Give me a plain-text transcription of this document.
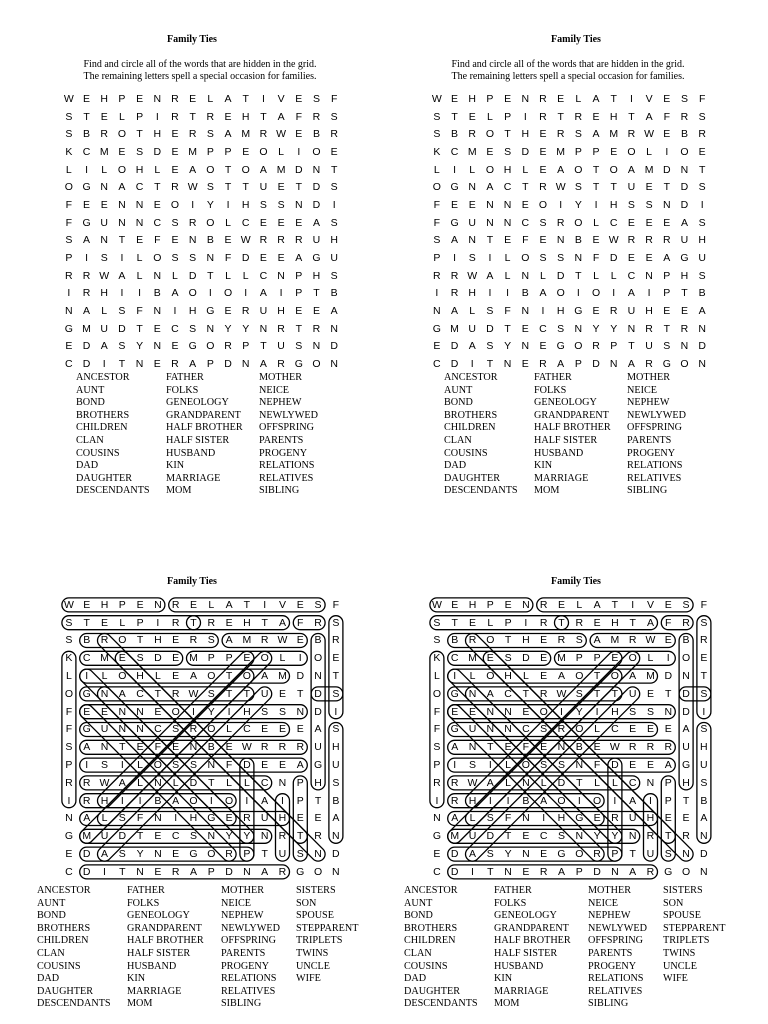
Family Ties
Find and circle all of the words that are hidden in the grid.
The remaining letters spell a special occasion for families.
W E H P	E N R E	L	A	T	I	V	E	S	F
S	T	E	L	P	I	R	T	R E H	T	A	F	R S
S	B R O T	H E R S	A M R W E	B R
K C M E	S D E M P	P	E O	L	I	O E
L	I	L	O H	L	E	A O T O A M D N	T
O G N A C	T	R W S	T	T	U E	T	D S
F	E	E N N E O	I	Y	I	H S	S N D	I
F G U N N C S R O	L	C E	E	E	A	S
S	A N	T	E	F	E N B	E W R R R U H
P	I	S	I	L	O S	S N	F	D E	E	A G U
R R W A	L	N	L	D	T	L	L	C N P H S
I	R H	I	I	B	A O	I	O	I	A	I	P	T	B
N A	L	S	F	N	I	H G E R U H E	E	A
G M U D	T	E C S N Y	Y N R	T	R N
E D A	S	Y N E G O R P	T	U S N D
C D	I	T	N E R A	P D N A R G O N
ANCESTOR
AUNT
BOND
BROTHERS
CHILDREN
CLAN
COUSINS
DAD
DAUGHTER
DESCENDANTS
FATHER
FOLKS
GENEOLOGY
GRANDPARENT
HALF BROTHER
HALF SISTER
HUSBAND
KIN
MARRIAGE
MOM
MOTHER
NEICE
NEPHEW
NEWLYWED
OFFSPRING
PARENTS
PROGENY
RELATIONS
RELATIVES
SIBLING
Family Ties
Find and circle all of the words that are hidden in the grid.
The remaining letters spell a special occasion for families.
W E H P	E N R E	L	A	T	I	V	E	S	F
S	T	E	L	P	I	R	T	R E H	T	A	F	R S
S	B R O T	H E R S	A M R W E	B R
K C M E	S D E M P	P	E O	L	I	O E
L	I	L	O H	L	E	A O T O A M D N	T
O G N A C	T	R W S	T	T	U E	T	D S
F	E	E N N E O	I	Y	I	H S	S N D	I
F G U N N C S R O	L	C E	E	E	A	S
S	A N	T	E	F	E N B	E W R R R U H
P	I	S	I	L	O S	S N	F	D E	E	A G U
R R W A	L	N	L	D	T	L	L	C N P H S
I	R H	I	I	B	A O	I	O	I	A	I	P	T	B
N A	L	S	F	N	I	H G E R U H E	E	A
G M U D	T	E C S N Y	Y N R	T	R N
E D A	S	Y N E G O R P	T	U S N D
C D	I	T	N E R A	P D N A R G O N
ANCESTOR
AUNT
BOND
BROTHERS
CHILDREN
CLAN
COUSINS
DAD
DAUGHTER
DESCENDANTS
FATHER
FOLKS
GENEOLOGY
GRANDPARENT
HALF BROTHER
HALF SISTER
HUSBAND
KIN
MARRIAGE
MOM
MOTHER
NEICE
NEPHEW
NEWLYWED
OFFSPRING
PARENTS
PROGENY
RELATIONS
RELATIVES
SIBLING
Family Ties
W E H	P	E N R	E	L	A	T	I	V	E	S	F
S	T	E	L	P	I	R	T	R	E H	T	A	F	R	S
S	B R O	T	H	E R	S	A M R W E	B R
K C M E	S D	E M P	P	E O	L	I	O E
L	I	L	O H	L	E	A O	T	O A M D N	T
O G N	A C	T	R W S	T	T	U	E	T	D	S
F	E	E N N	E O	I	Y	I	H	S	S N D	I
F	G U N N C	S R O	L	C	E	E	E	A	S
S	A N	T	E	F	E N	B	E W R R R U H
P	I	S	I	L	O S	S N	F	D	E	E	A G U
R R W A	L	N	L	D	T	L	L	C N	P H	S
I	R H	I	I	B	A O	I	O	I	A	I	P	T	B
N	A	L	S	F	N	I	H G E R U H	E	E	A
G M U D	T	E C	S N	Y	Y N R	T	R N
E D	A	S	Y N	E G O R	P	T	U	S N D
C D	I	T	N	E R	A	P D N	A R G O N
ANCESTOR
AUNT
BOND
BROTHERS
CHILDREN
CLAN
COUSINS
DAD
DAUGHTER
DESCENDANTS
FATHER
FOLKS
GENEOLOGY
GRANDPARENT
HALF BROTHER
HALF SISTER
HUSBAND
KIN
MARRIAGE
MOM
MOTHER
NEICE
NEPHEW
NEWLYWED
OFFSPRING
PARENTS
PROGENY
RELATIONS
RELATIVES
SIBLING
SISTERS
SON
SPOUSE
STEPPARENT
TRIPLETS
TWINS
UNCLE
WIFE
Family Ties
W E H	P	E N R	E	L	A	T	I	V	E	S	F
S	T	E	L	P	I	R	T	R	E H	T	A	F	R	S
S	B R O	T	H	E R	S	A M R W E	B R
K C M E	S D	E M P	P	E O	L	I	O E
L	I	L	O H	L	E	A O	T	O A M D N	T
O G N	A C	T	R W S	T	T	U	E	T	D	S
F	E	E N N	E O	I	Y	I	H	S	S N D	I
F	G U N N C	S R O	L	C	E	E	E	A	S
S	A N	T	E	F	E N	B	E W R R R U H
P	I	S	I	L	O S	S N	F	D	E	E	A G U
R R W A	L	N	L	D	T	L	L	C N	P H	S
I	R H	I	I	B	A O	I	O	I	A	I	P	T	B
N	A	L	S	F	N	I	H G E R U H	E	E	A
G M U D	T	E C	S N	Y	Y N R	T	R N
E D	A	S	Y N	E G O R	P	T	U	S N D
C D	I	T	N	E R	A	P D N	A R G O N
ANCESTOR
AUNT
BOND
BROTHERS
CHILDREN
CLAN
COUSINS
DAD
DAUGHTER
DESCENDANTS
FATHER
FOLKS
GENEOLOGY
GRANDPARENT
HALF BROTHER
HALF SISTER
HUSBAND
KIN
MARRIAGE
MOM
MOTHER
NEICE
NEPHEW
NEWLYWED
OFFSPRING
PARENTS
PROGENY
RELATIONS
RELATIVES
SIBLING
SISTERS
SON
SPOUSE
STEPPARENT
TRIPLETS
TWINS
UNCLE
WIFE
